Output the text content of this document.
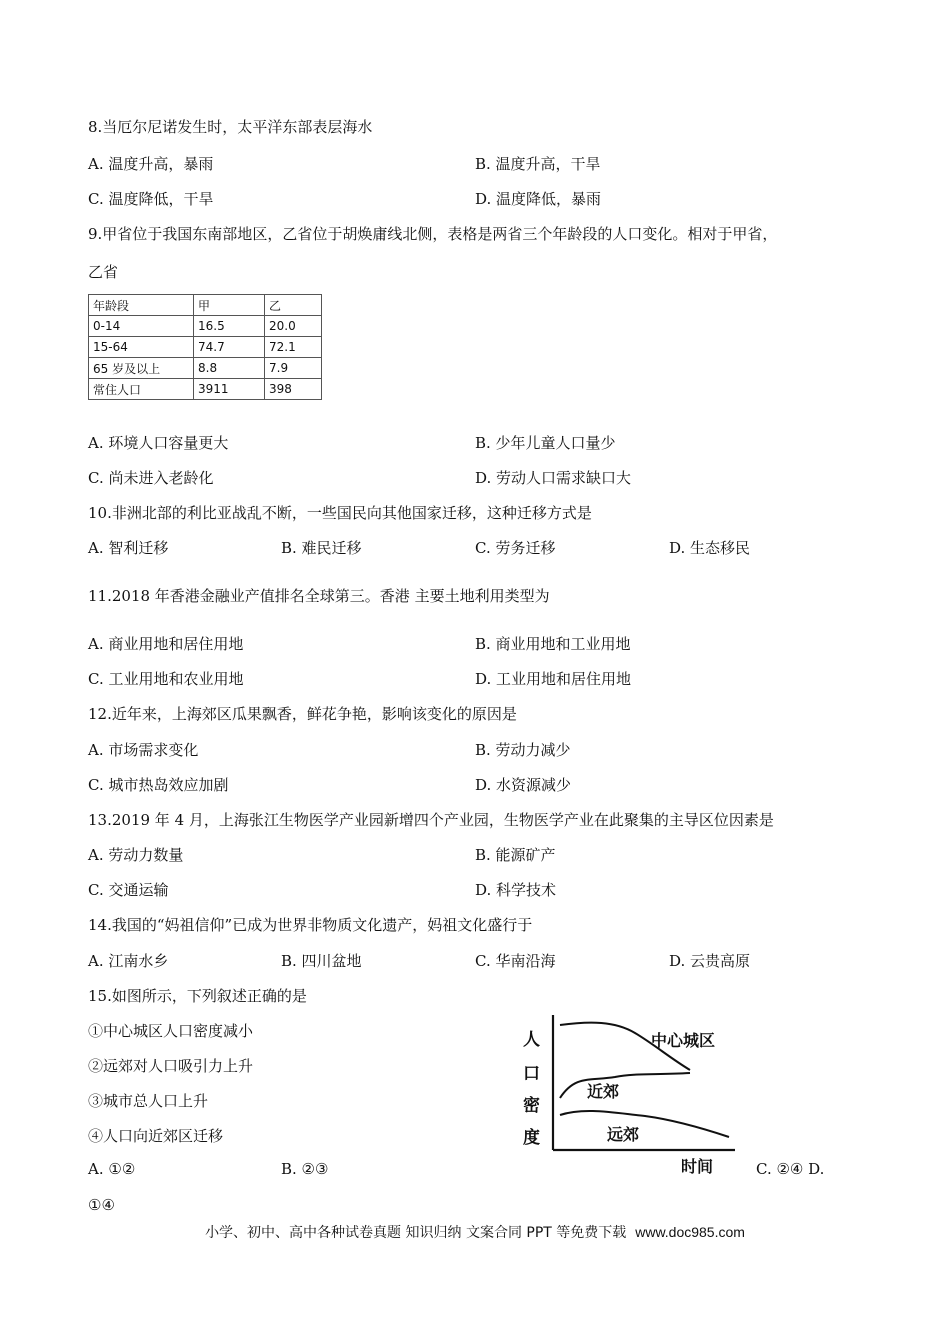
8.当厄尔尼诺发生时，太平洋东部表层海水
A. 温度升高，暴雨	B. 温度升高，干旱
C. 温度降低，干旱	D. 温度降低，暴雨
9.甲省位于我国东南部地区，乙省位于胡焕庸线北侧，表格是两省三个年龄段的人口变化。相对于甲省，
乙省
年龄段	甲	乙
0-14	16.5	20.0
15-64	74.7	72.1
65 岁及以上	8.8	7.9
常住人口	3911	398
A. 环境人口容量更大	B. 少年儿童人口量少
C. 尚未进入老龄化	D. 劳动人口需求缺口大
10.非洲北部的利比亚战乱不断，一些国民向其他国家迁移，这种迁移方式是
A. 智利迁移	B. 难民迁移	C. 劳务迁移	D. 生态移民
11.2018 年香港金融业产值排名全球第三。香港 主要土地利用类型为
A. 商业用地和居住用地	B. 商业用地和工业用地
C. 工业用地和农业用地	D. 工业用地和居住用地
12.近年来，上海郊区瓜果飘香，鲜花争艳，影响该变化的原因是
A. 市场需求变化	B. 劳动力减少
C. 城市热岛效应加剧	D. 水资源减少
13.2019 年 4 月，上海张江生物医学产业园新增四个产业园，生物医学产业在此聚集的主导区位因素是
A. 劳动力数量	B. 能源矿产
C. 交通运输	D. 科学技术
14.我国的“妈祖信仰”已成为世界非物质文化遗产，妈祖文化盛行于
A. 江南水乡	B. 四川盆地	C. 华南沿海	D. 云贵高原
15.如图所示，下列叙述正确的是
①中心城区人口密度减小
②远郊对人口吸引力上升
③城市总人口上升
④人口向近郊区迁移
A. ①②	B. ②③	C. ②④ D.
①④
人
口
密
度
中心城区
近郊
远郊
时间
小学、初中、高中各种试卷真题 知识归纳 文案合同 PPT 等免费下载 www.doc985.com
